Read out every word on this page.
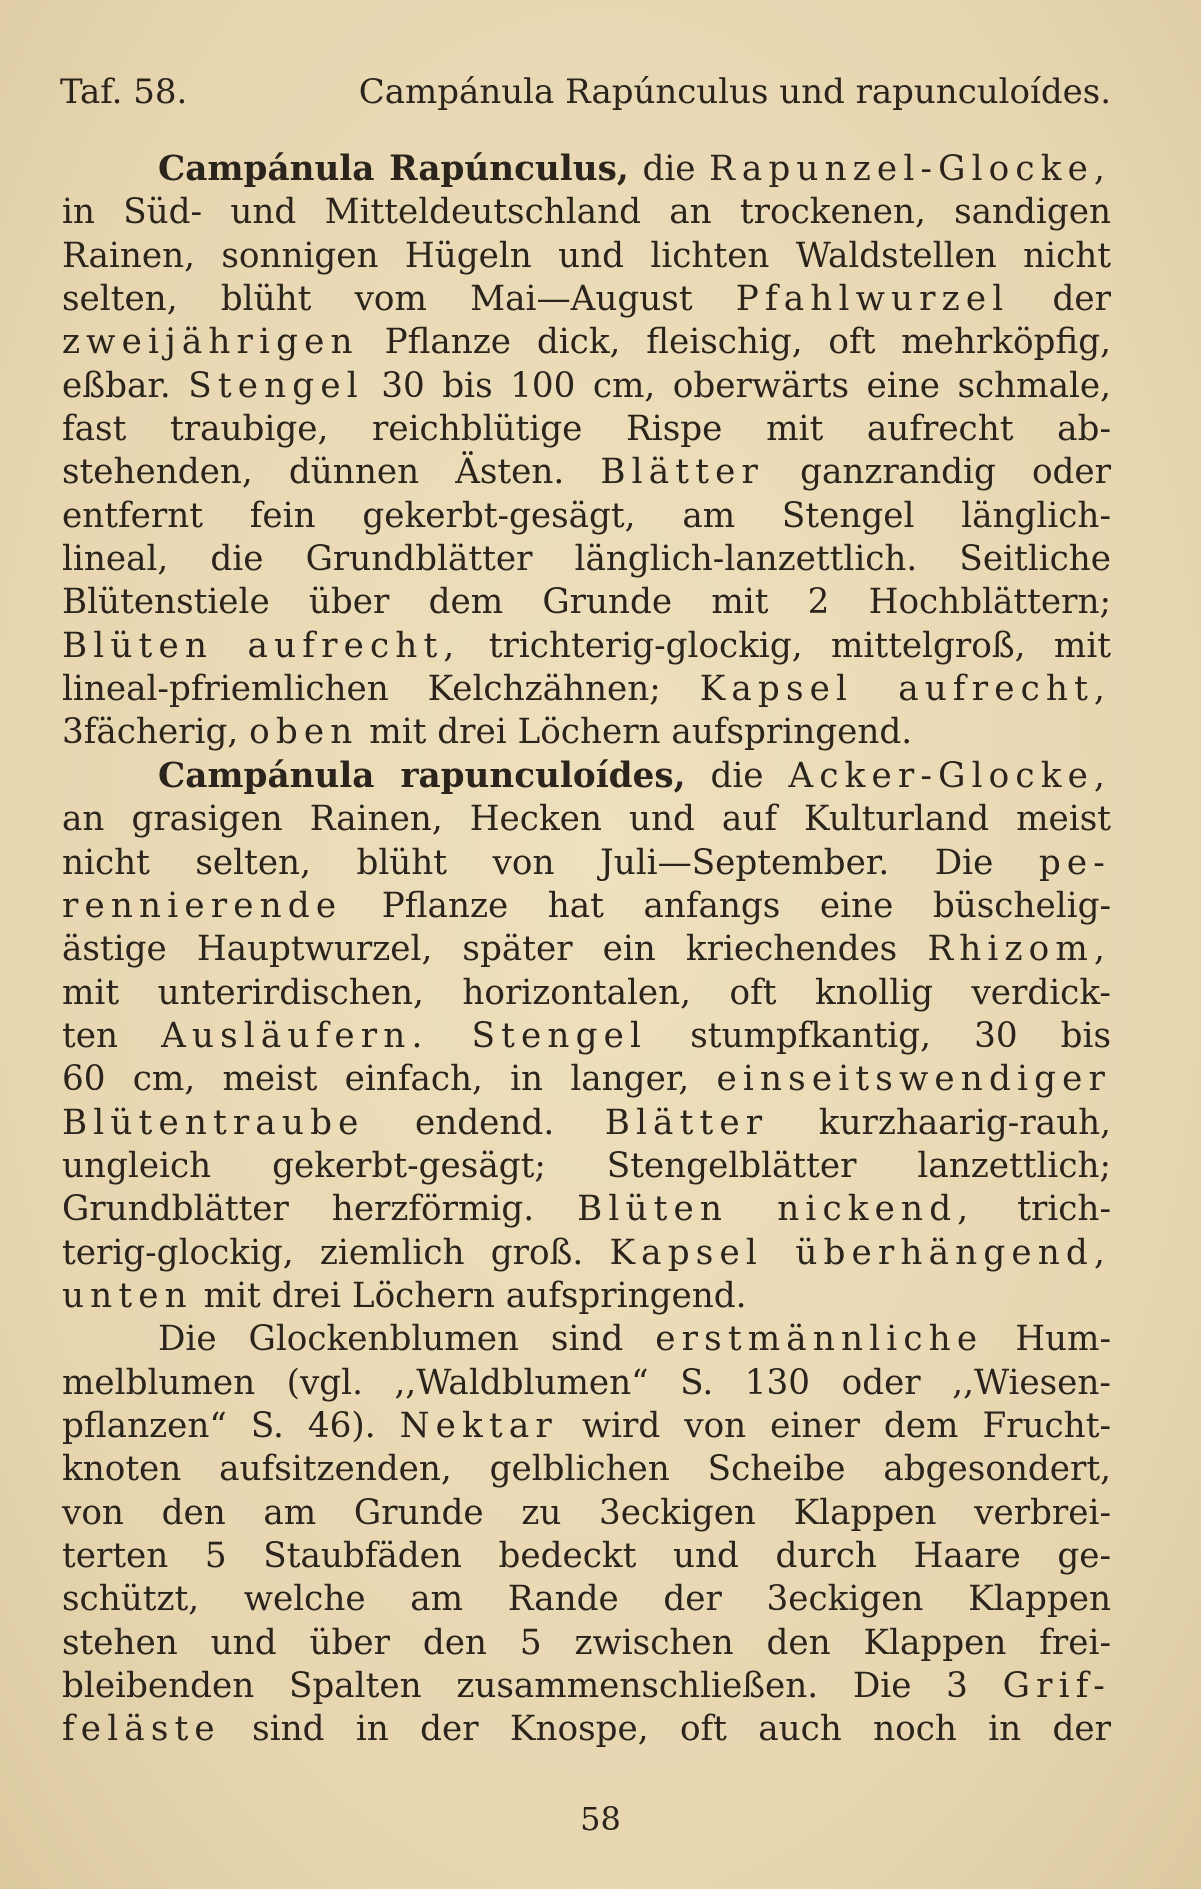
Taf. 58.	Campánula Rapúnculus und rapunculoídes.
Campánula Rapúnculus, die Rapunzel-Glocke,
in Süd- und Mitteldeutschland an trockenen, sandigen
Rainen, sonnigen Hügeln und lichten Waldstellen nicht
selten, blüht vom Mai—August Pfahlwurzel der
zweijährigen Pflanze dick, fleischig, oft mehrköpfig,
eßbar. Stengel 30 bis 100 cm, oberwärts eine schmale,
fast traubige, reichblütige Rispe mit aufrecht ab-
stehenden, dünnen Ästen. Blätter ganzrandig oder
entfernt fein gekerbt-gesägt, am Stengel länglich-
lineal, die Grundblätter länglich-lanzettlich. Seitliche
Blütenstiele über dem Grunde mit 2 Hochblättern;
Blüten aufrecht, trichterig-glockig, mittelgroß, mit
lineal-pfriemlichen Kelchzähnen; Kapsel aufrecht,
3fächerig, oben mit drei Löchern aufspringend.
Campánula rapunculoídes, die Acker-Glocke,
an grasigen Rainen, Hecken und auf Kulturland meist
nicht selten, blüht von Juli—September. Die pe-
rennierende Pflanze hat anfangs eine büschelig-
ästige Hauptwurzel, später ein kriechendes Rhizom,
mit unterirdischen, horizontalen, oft knollig verdick-
ten Ausläufern. Stengel stumpfkantig, 30 bis
60 cm, meist einfach, in langer, einseitswendiger
Blütentraube endend. Blätter kurzhaarig-rauh,
ungleich gekerbt-gesägt; Stengelblätter lanzettlich;
Grundblätter herzförmig. Blüten nickend, trich-
terig-glockig, ziemlich groß. Kapsel überhängend,
unten mit drei Löchern aufspringend.
Die Glockenblumen sind erstmännliche Hum-
melblumen (vgl. ,,Waldblumen“ S. 130 oder ,,Wiesen-
pflanzen“ S. 46). Nektar wird von einer dem Frucht-
knoten aufsitzenden, gelblichen Scheibe abgesondert,
von den am Grunde zu 3eckigen Klappen verbrei-
terten 5 Staubfäden bedeckt und durch Haare ge-
schützt, welche am Rande der 3eckigen Klappen
stehen und über den 5 zwischen den Klappen frei-
bleibenden Spalten zusammenschließen. Die 3 Grif-
feläste sind in der Knospe, oft auch noch in der
58
